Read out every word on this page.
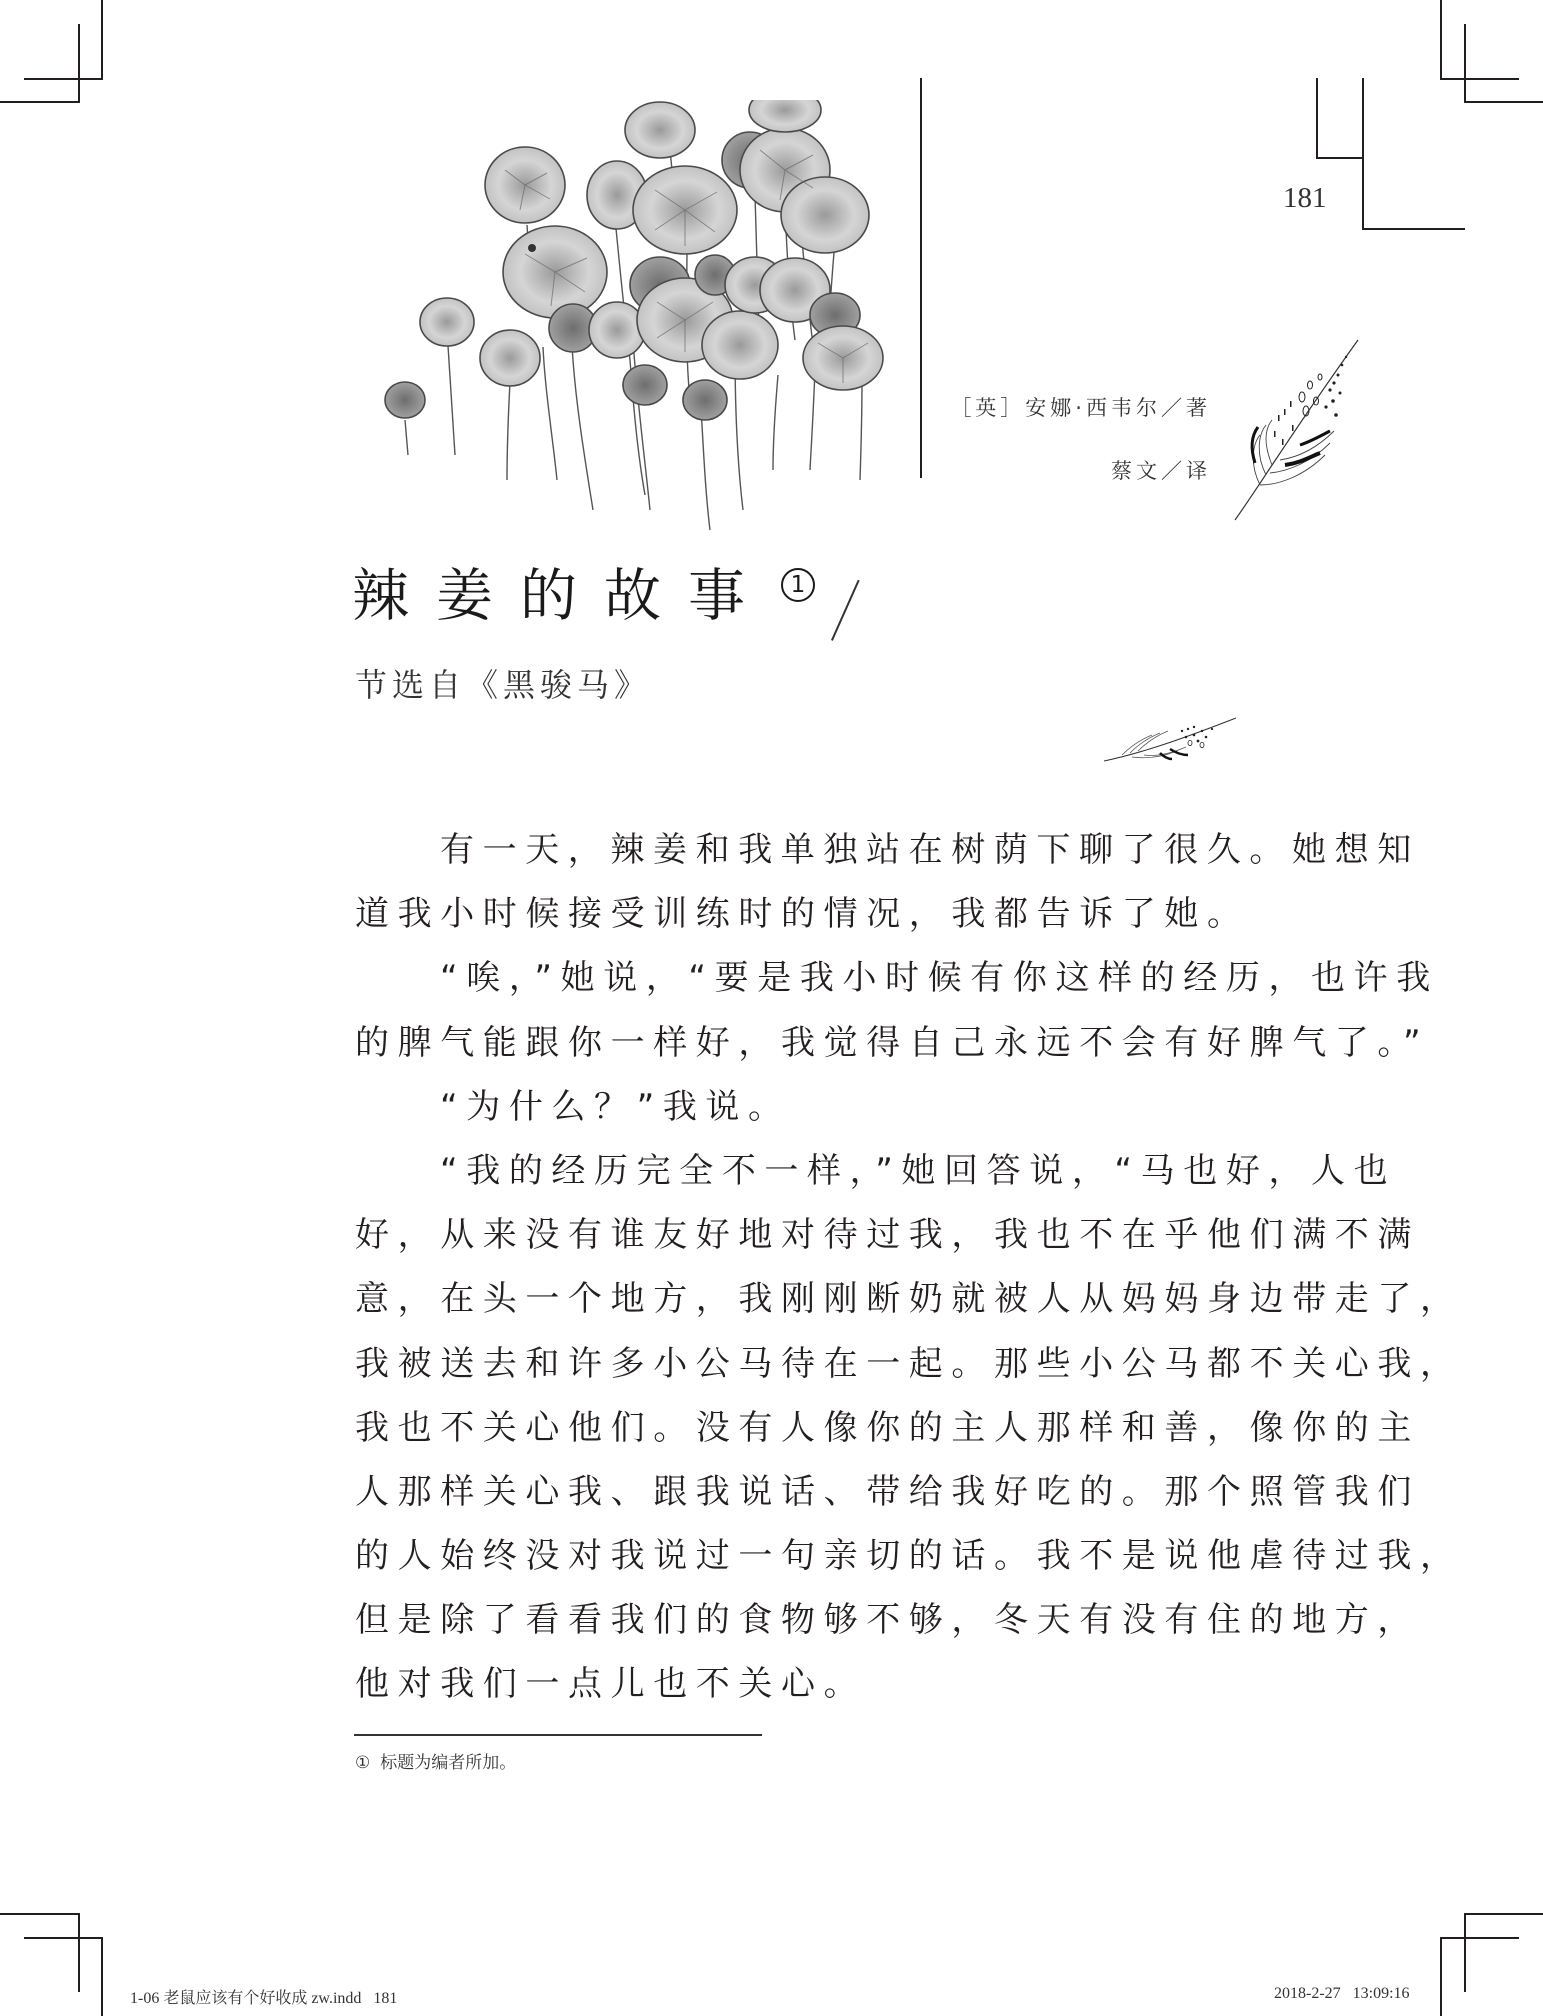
181
［英］安娜·西韦尔／著
蔡文／译
辣姜的故事 1
节选自《黑骏马》
有一天，辣姜和我单独站在树荫下聊了很久。她想知
道我小时候接受训练时的情况，我都告诉了她。
“唉，”她说，“要是我小时候有你这样的经历，也许我
的脾气能跟你一样好，我觉得自己永远不会有好脾气了。”
“为什么？”我说。
“我的经历完全不一样，”她回答说，“马也好，人也
好，从来没有谁友好地对待过我，我也不在乎他们满不满
意，在头一个地方，我刚刚断奶就被人从妈妈身边带走了，
我被送去和许多小公马待在一起。那些小公马都不关心我，
我也不关心他们。没有人像你的主人那样和善，像你的主
人那样关心我、跟我说话、带给我好吃的。那个照管我们
的人始终没对我说过一句亲切的话。我不是说他虐待过我，
但是除了看看我们的食物够不够，冬天有没有住的地方，
他对我们一点儿也不关心。
① 标题为编者所加。
1-06 老鼠应该有个好收成 zw.indd   181	2018-2-27   13:09:16
